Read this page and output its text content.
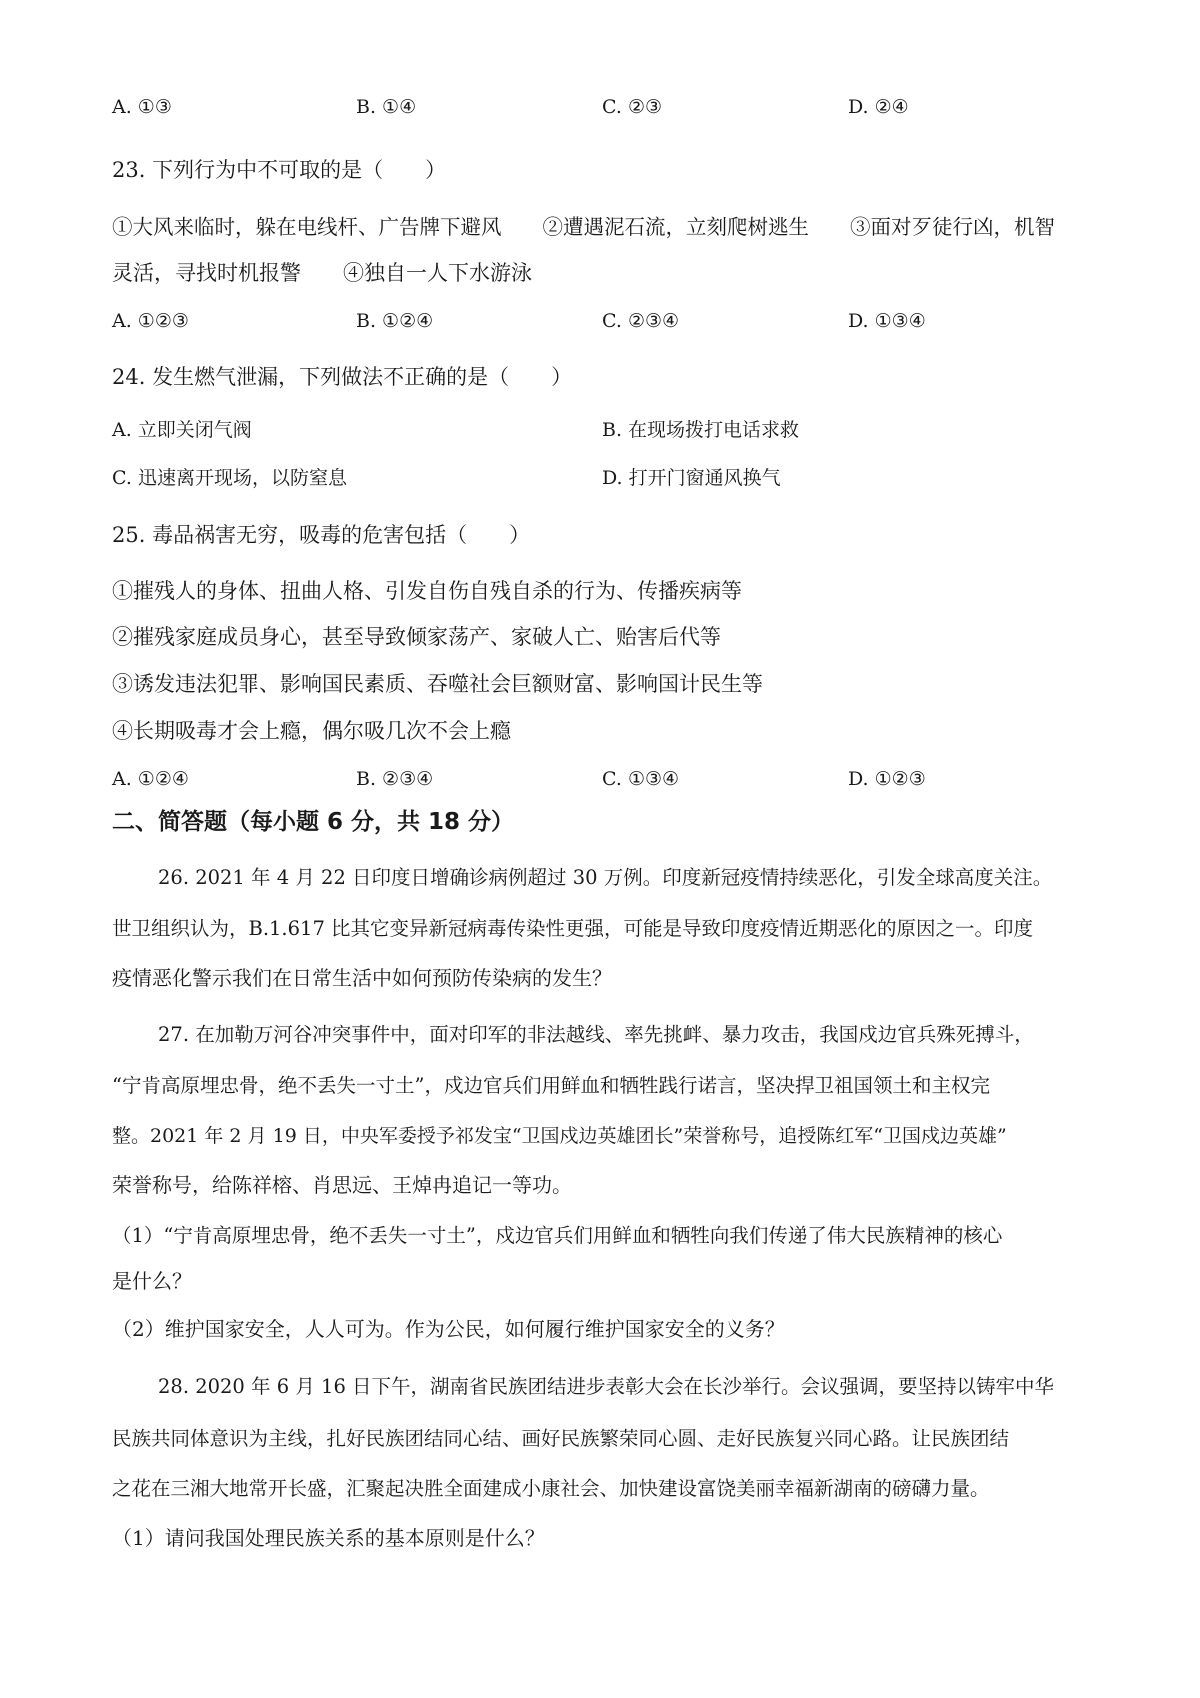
A. ①③	B. ①④	C. ②③	D. ②④
23. 下列行为中不可取的是（　　）
①大风来临时，躲在电线杆、广告牌下避风　　②遭遇泥石流，立刻爬树逃生　　③面对歹徒行凶，机智
灵活，寻找时机报警　　④独自一人下水游泳
A. ①②③	B. ①②④	C. ②③④	D. ①③④
24. 发生燃气泄漏，下列做法不正确的是（　　）
A. 立即关闭气阀	B. 在现场拨打电话求救
C. 迅速离开现场，以防窒息	D. 打开门窗通风换气
25. 毒品祸害无穷，吸毒的危害包括（　　）
①摧残人的身体、扭曲人格、引发自伤自残自杀的行为、传播疾病等
②摧残家庭成员身心，甚至导致倾家荡产、家破人亡、贻害后代等
③诱发违法犯罪、影响国民素质、吞噬社会巨额财富、影响国计民生等
④长期吸毒才会上瘾，偶尔吸几次不会上瘾
A. ①②④	B. ②③④	C. ①③④	D. ①②③
二、简答题（每小题 6 分，共 18 分）
26. 2021 年 4 月 22 日印度日增确诊病例超过 30 万例。印度新冠疫情持续恶化，引发全球高度关注。
世卫组织认为，B.1.617 比其它变异新冠病毒传染性更强，可能是导致印度疫情近期恶化的原因之一。印度
疫情恶化警示我们在日常生活中如何预防传染病的发生？
27. 在加勒万河谷冲突事件中，面对印军的非法越线、率先挑衅、暴力攻击，我国戍边官兵殊死搏斗，
“宁肯高原埋忠骨，绝不丢失一寸土”，戍边官兵们用鲜血和牺牲践行诺言，坚决捍卫祖国领土和主权完
整。2021 年 2 月 19 日，中央军委授予祁发宝“卫国戍边英雄团长”荣誉称号，追授陈红军“卫国戍边英雄”
荣誉称号，给陈祥榕、肖思远、王焯冉追记一等功。
（1）“宁肯高原埋忠骨，绝不丢失一寸土”，戍边官兵们用鲜血和牺牲向我们传递了伟大民族精神的核心
是什么？
（2）维护国家安全，人人可为。作为公民，如何履行维护国家安全的义务？
28. 2020 年 6 月 16 日下午，湖南省民族团结进步表彰大会在长沙举行。会议强调，要坚持以铸牢中华
民族共同体意识为主线，扎好民族团结同心结、画好民族繁荣同心圆、走好民族复兴同心路。让民族团结
之花在三湘大地常开长盛，汇聚起决胜全面建成小康社会、加快建设富饶美丽幸福新湖南的磅礴力量。
（1）请问我国处理民族关系的基本原则是什么？
